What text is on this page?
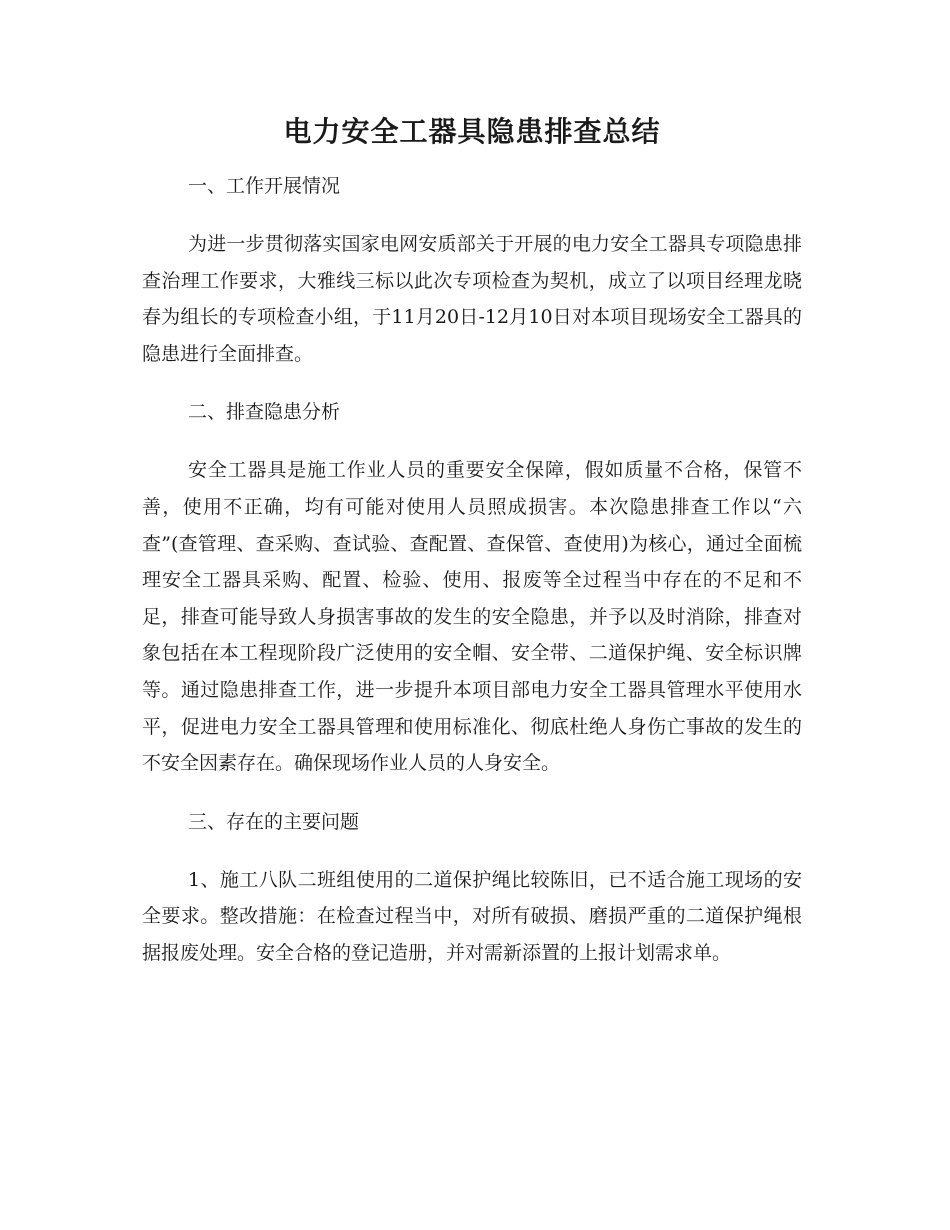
电力安全工器具隐患排查总结
一、工作开展情况

为进一步贯彻落实国家电网安质部关于开展的电力安全工器具专项隐患排查治理工作要求，大雅线三标以此次专项检查为契机，成立了以项目经理龙晓春为组长的专项检查小组，于11月20日-12月10日对本项目现场安全工器具的隐患进行全面排查。

二、排查隐患分析

安全工器具是施工作业人员的重要安全保障，假如质量不合格，保管不善，使用不正确，均有可能对使用人员照成损害。本次隐患排查工作以“六查”(查管理、查采购、查试验、查配置、查保管、查使用)为核心，通过全面梳理安全工器具采购、配置、检验、使用、报废等全过程当中存在的不足和不足，排查可能导致人身损害事故的发生的安全隐患，并予以及时消除，排查对象包括在本工程现阶段广泛使用的安全帽、安全带、二道保护绳、安全标识牌等。通过隐患排查工作，进一步提升本项目部电力安全工器具管理水平使用水平，促进电力安全工器具管理和使用标准化、彻底杜绝人身伤亡事故的发生的不安全因素存在。确保现场作业人员的人身安全。

三、存在的主要问题

1、施工八队二班组使用的二道保护绳比较陈旧，已不适合施工现场的安全要求。整改措施：在检查过程当中，对所有破损、磨损严重的二道保护绳根据报废处理。安全合格的登记造册，并对需新添置的上报计划需求单。
